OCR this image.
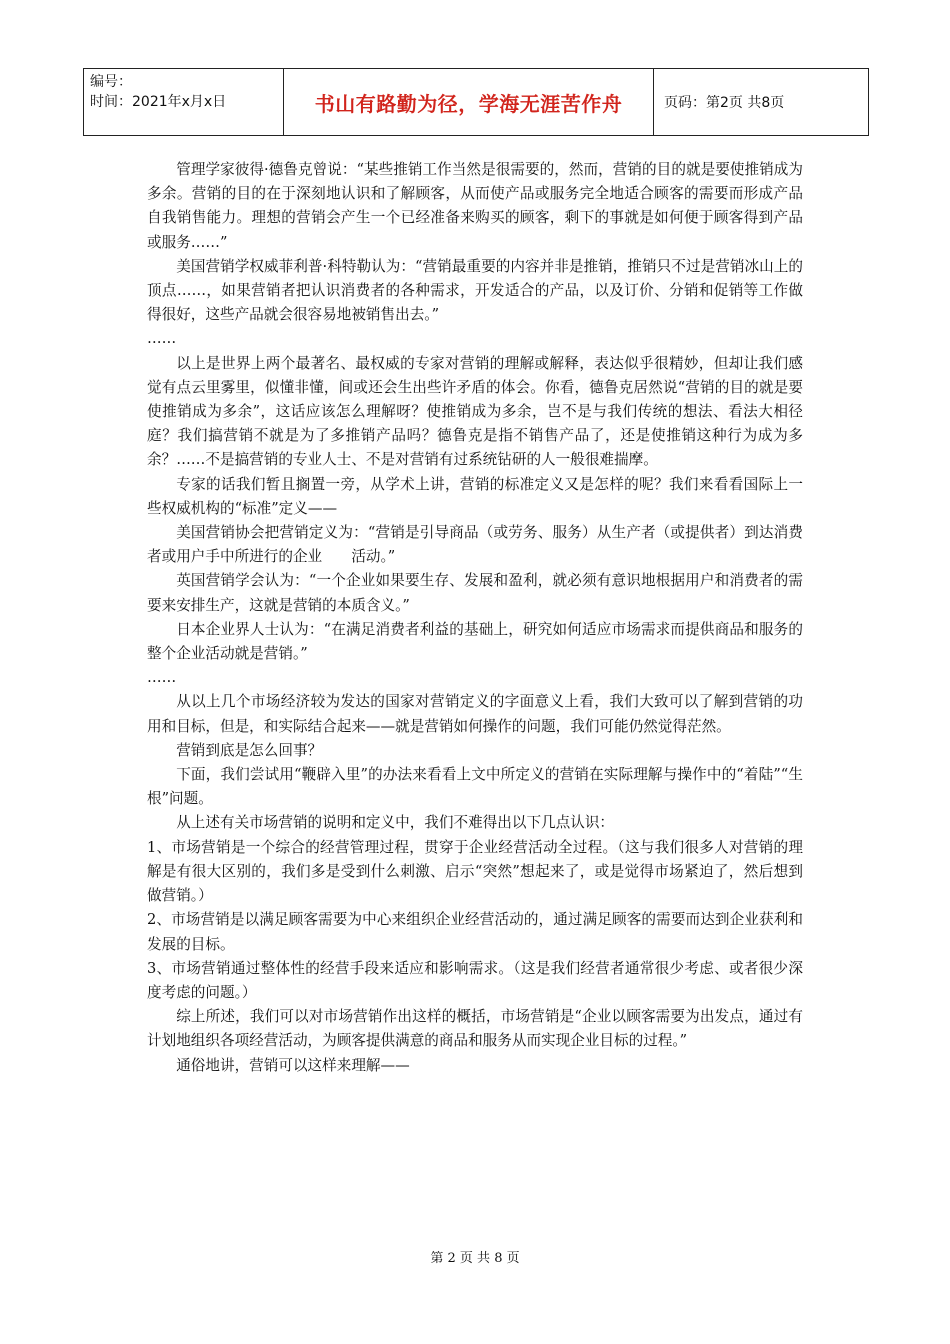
编号：
时间：2021年x月x日	书山有路勤为径，学海无涯苦作舟	页码：第2页 共8页

管理学家彼得·德鲁克曾说：“某些推销工作当然是很需要的，然而，营销的目的就是要使推销成为多余。营销的目的在于深刻地认识和了解顾客，从而使产品或服务完全地适合顾客的需要而形成产品自我销售能力。理想的营销会产生一个已经准备来购买的顾客，剩下的事就是如何便于顾客得到产品或服务……”

美国营销学权威菲利普·科特勒认为：“营销最重要的内容并非是推销，推销只不过是营销冰山上的顶点……，如果营销者把认识消费者的各种需求，开发适合的产品，以及订价、分销和促销等工作做得很好，这些产品就会很容易地被销售出去。”

……

以上是世界上两个最著名、最权威的专家对营销的理解或解释，表达似乎很精妙，但却让我们感觉有点云里雾里，似懂非懂，间或还会生出些许矛盾的体会。你看，德鲁克居然说“营销的目的就是要使推销成为多余”，这话应该怎么理解呀？使推销成为多余，岂不是与我们传统的想法、看法大相径庭？我们搞营销不就是为了多推销产品吗？德鲁克是指不销售产品了，还是使推销这种行为成为多余？……不是搞营销的专业人士、不是对营销有过系统钻研的人一般很难揣摩。

专家的话我们暂且搁置一旁，从学术上讲，营销的标准定义又是怎样的呢？我们来看看国际上一些权威机构的“标准”定义——

美国营销协会把营销定义为：“营销是引导商品（或劳务、服务）从生产者（或提供者）到达消费者或用户手中所进行的企业　　活动。”

英国营销学会认为：“一个企业如果要生存、发展和盈利，就必须有意识地根据用户和消费者的需要来安排生产，这就是营销的本质含义。”

日本企业界人士认为：“在满足消费者利益的基础上，研究如何适应市场需求而提供商品和服务的整个企业活动就是营销。”

……

从以上几个市场经济较为发达的国家对营销定义的字面意义上看，我们大致可以了解到营销的功用和目标，但是，和实际结合起来——就是营销如何操作的问题，我们可能仍然觉得茫然。

营销到底是怎么回事？

下面，我们尝试用“鞭辟入里”的办法来看看上文中所定义的营销在实际理解与操作中的“着陆”“生根”问题。

从上述有关市场营销的说明和定义中，我们不难得出以下几点认识：

1、市场营销是一个综合的经营管理过程，贯穿于企业经营活动全过程。（这与我们很多人对营销的理解是有很大区别的，我们多是受到什么刺激、启示“突然”想起来了，或是觉得市场紧迫了，然后想到做营销。）

2、市场营销是以满足顾客需要为中心来组织企业经营活动的，通过满足顾客的需要而达到企业获利和发展的目标。

3、市场营销通过整体性的经营手段来适应和影响需求。（这是我们经营者通常很少考虑、或者很少深度考虑的问题。）

综上所述，我们可以对市场营销作出这样的概括，市场营销是“企业以顾客需要为出发点，通过有计划地组织各项经营活动，为顾客提供满意的商品和服务从而实现企业目标的过程。”

通俗地讲，营销可以这样来理解——

第 2 页 共 8 页
